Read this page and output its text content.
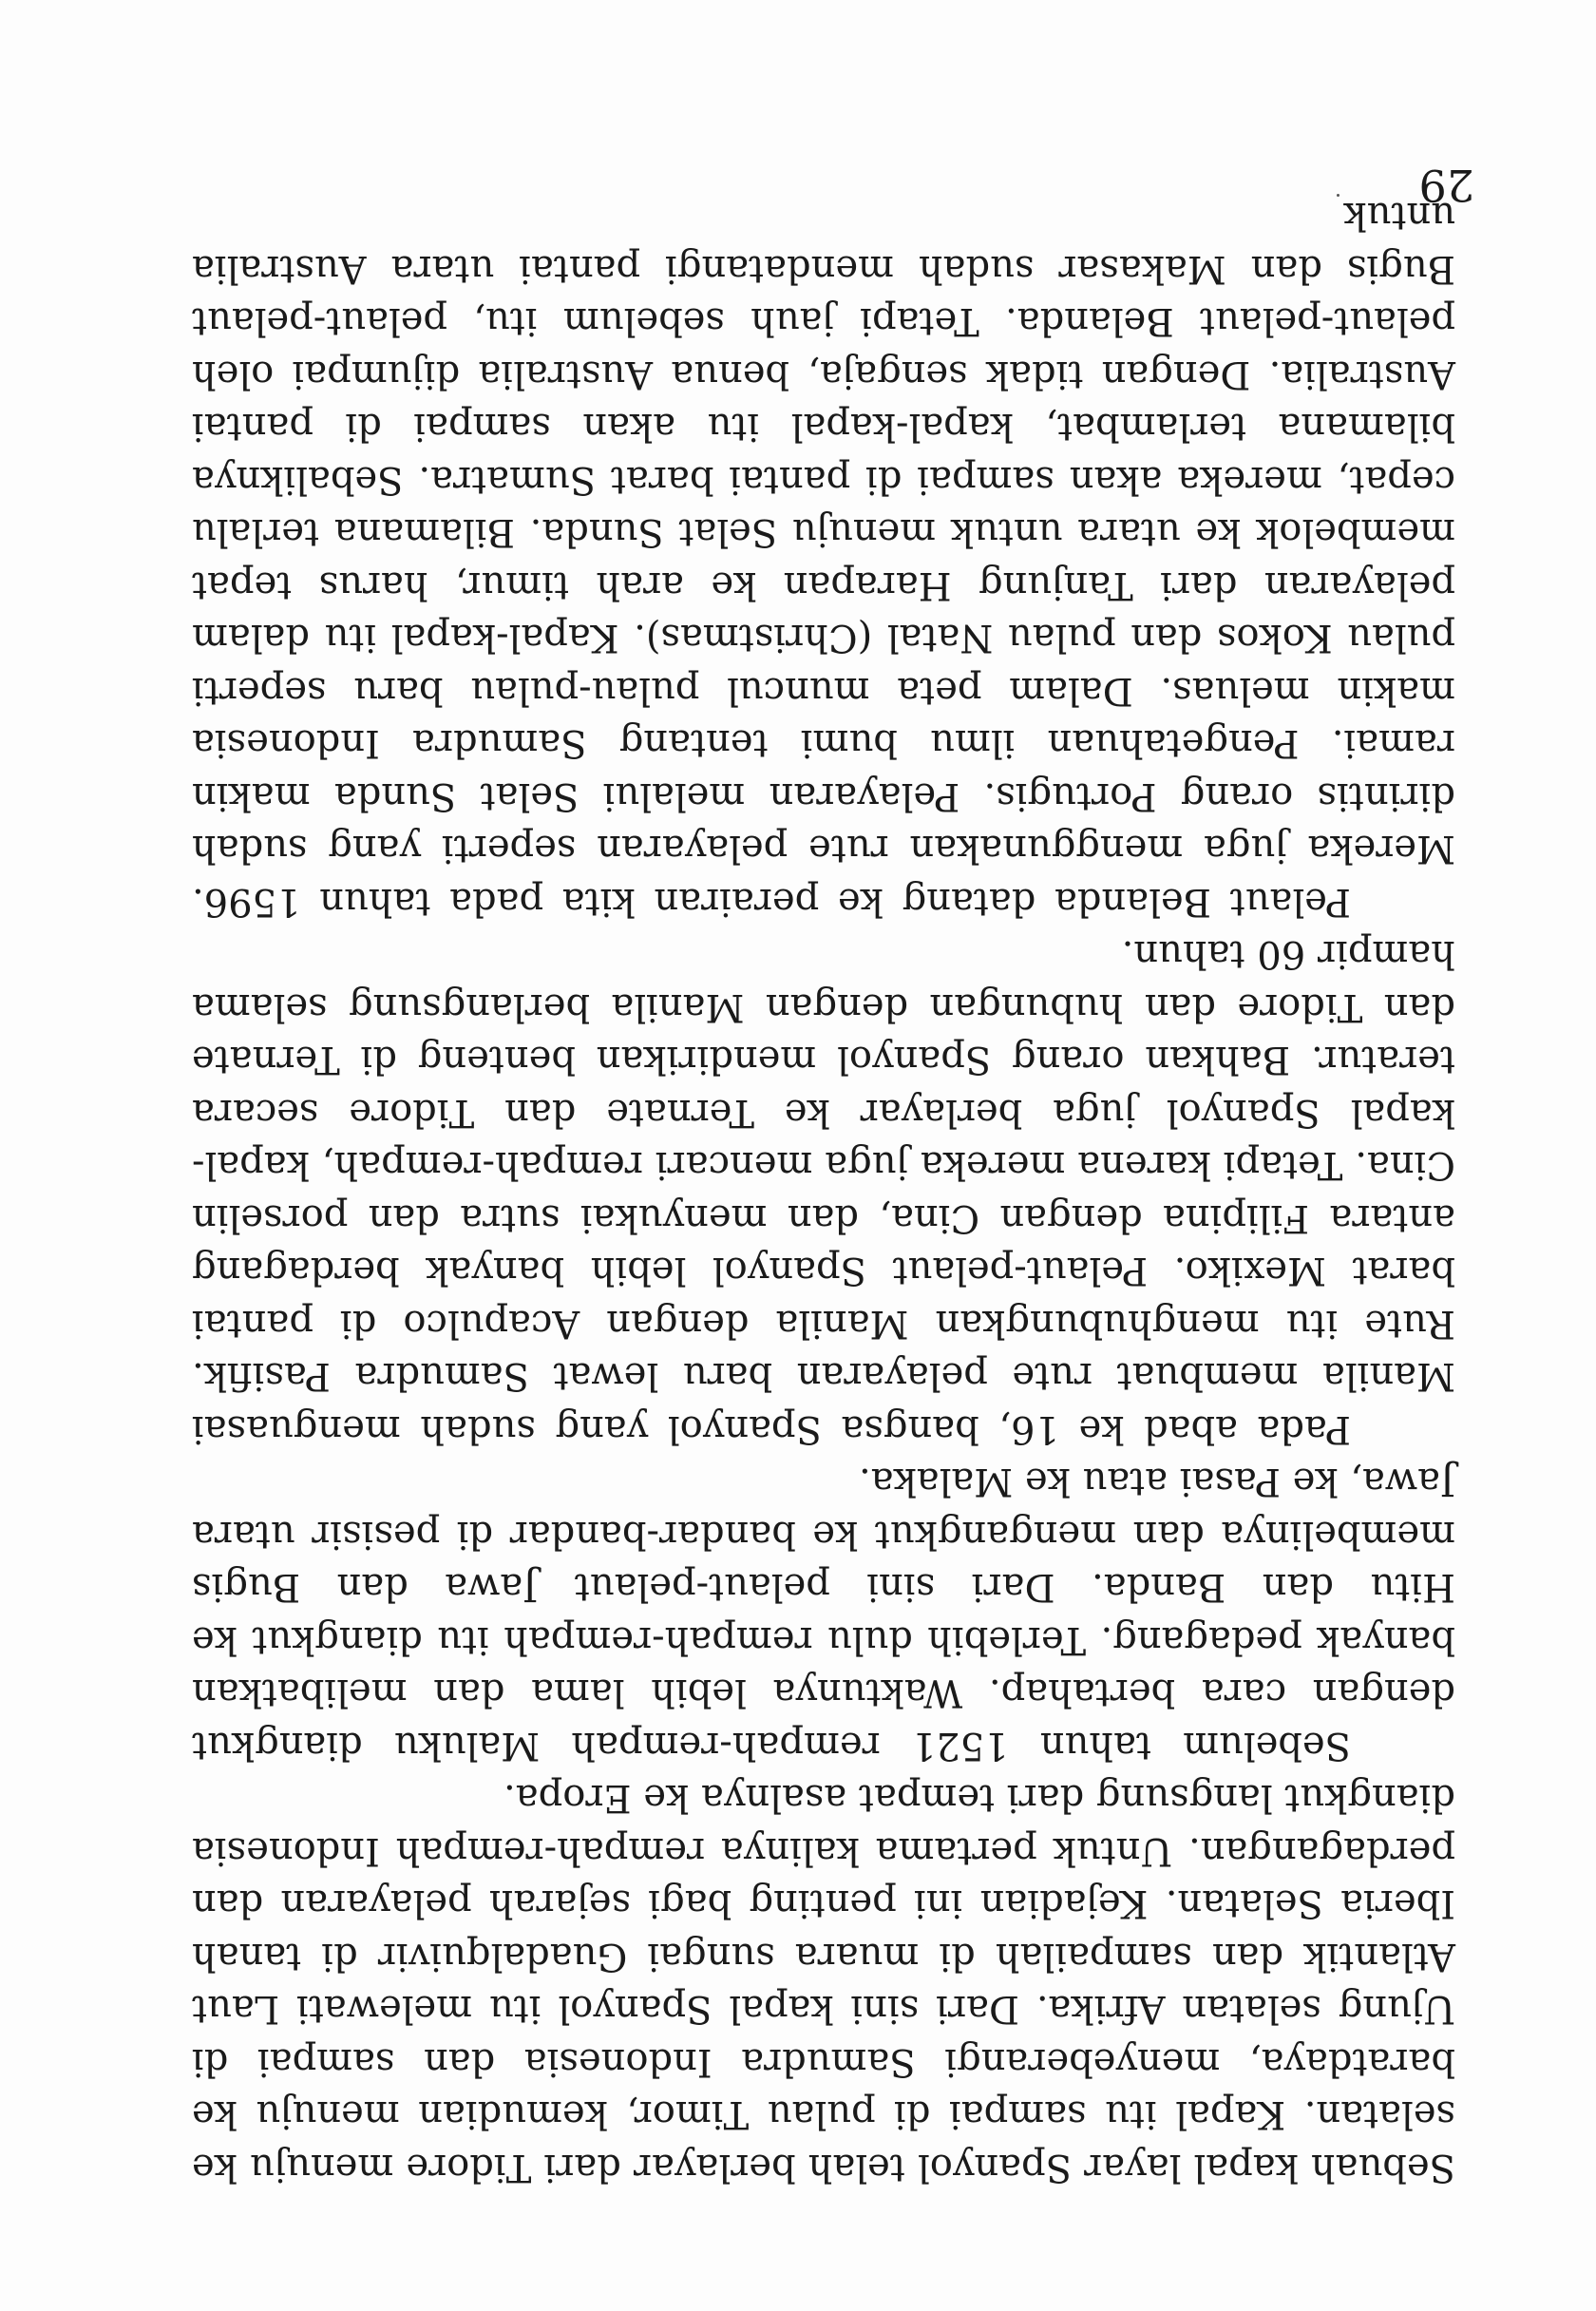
Sebuah kapal layar Spanyol telah berlayar dari Tidore menuju ke selatan. Kapal itu sampai di pulau Timor, kemudian menuju ke baratdaya, menyeberangi Samudra Indonesia dan sampai di Ujung selatan Afrika. Dari sini kapal Spanyol itu melewati Laut Atlantik dan sampailah di muara sungai Guadalquivir di tanah Iberia Selatan. Kejadian ini penting bagi sejarah pelayaran dan perdagangan. Untuk pertama kalinya rempah-rempah Indonesia diangkut langsung dari tempat asalnya ke Eropa.

Sebelum tahun 1521 rempah-rempah Maluku diangkut dengan cara bertahap. Waktunya lebih lama dan melibatkan banyak pedagang. Terlebih dulu rempah-rempah itu diangkut ke Hitu dan Banda. Dari sini pelaut-pelaut Jawa dan Bugis membelinya dan mengangkut ke bandar-bandar di pesisir utara Jawa, ke Pasai atau ke Malaka.

Pada abad ke 16, bangsa Spanyol yang sudah menguasai Manila membuat rute pelayaran baru lewat Samudra Pasifik. Rute itu menghubungkan Manila dengan Acapulco di pantai barat Mexiko. Pelaut-pelaut Spanyol lebih banyak berdagang antara Filipina dengan Cina, dan menyukai sutra dan porselin Cina. Tetapi karena mereka juga mencari rempah-rempah, kapal-kapal Spanyol juga berlayar ke Ternate dan Tidore secara teratur. Bahkan orang Spanyol mendirikan benteng di Ternate dan Tidore dan hubungan dengan Manila berlangsung selama hampir 60 tahun.

Pelaut Belanda datang ke perairan kita pada tahun 1596. Mereka juga menggunakan rute pelayaran seperti yang sudah dirintis orang Portugis. Pelayaran melalui Selat Sunda makin ramai. Pengetahuan ilmu bumi tentang Samudra Indonesia makin meluas. Dalam peta muncul pulau-pulau baru seperti pulau Kokos dan pulau Natal (Christmas). Kapal-kapal itu dalam pelayaran dari Tanjung Harapan ke arah timur, harus tepat membelok ke utara untuk menuju Selat Sunda. Bilamana terlalu cepat, mereka akan sampai di pantai barat Sumatra. Sebaliknya bilamana terlambat, kapal-kapal itu akan sampai di pantai Australia. Dengan tidak sengaja, benua Australia dijumpai oleh pelaut-pelaut Belanda. Tetapi jauh sebelum itu, pelaut-pelaut Bugis dan Makasar sudah mendatangi pantai utara Australia untuk

29
